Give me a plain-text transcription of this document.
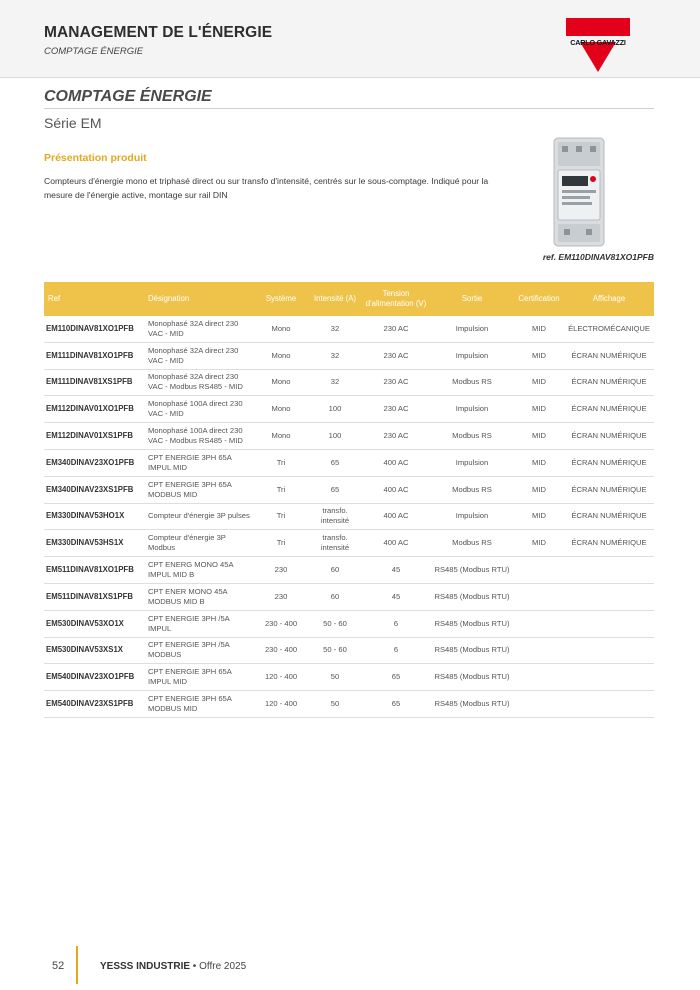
MANAGEMENT DE L'ÉNERGIE
COMPTAGE ÉNERGIE
CARLO GAVAZZI
COMPTAGE ÉNERGIE
Série EM
Présentation produit
Compteurs d'énergie mono et triphasé direct ou sur transfo d'intensité, centrés sur le sous-comptage. Indiqué pour la mesure de l'énergie active, montage sur rail DIN
ref. EM110DINAV81XO1PFB
Ref	Désignation	Système	Intensité (A)	Tension d'alimentation (V)	Sortie	Certification	Affichage
EM110DINAV81XO1PFB	Monophasé 32A direct 230 VAC - MID	Mono	32	230 AC	Impulsion	MID	ÉLECTROMÉCANIQUE
EM111DINAV81XO1PFB	Monophasé 32A direct 230 VAC - MID	Mono	32	230 AC	Impulsion	MID	ÉCRAN NUMÉRIQUE
EM111DINAV81XS1PFB	Monophasé 32A direct 230 VAC - Modbus RS485 - MID	Mono	32	230 AC	Modbus RS	MID	ÉCRAN NUMÉRIQUE
EM112DINAV01XO1PFB	Monophasé 100A direct 230 VAC - MID	Mono	100	230 AC	Impulsion	MID	ÉCRAN NUMÉRIQUE
EM112DINAV01XS1PFB	Monophasé 100A direct 230 VAC - Modbus RS485 - MID	Mono	100	230 AC	Modbus RS	MID	ÉCRAN NUMÉRIQUE
EM340DINAV23XO1PFB	CPT ENERGIE 3PH 65A IMPUL MID	Tri	65	400 AC	Impulsion	MID	ÉCRAN NUMÉRIQUE
EM340DINAV23XS1PFB	CPT ENERGIE 3PH 65A MODBUS MID	Tri	65	400 AC	Modbus RS	MID	ÉCRAN NUMÉRIQUE
EM330DINAV53HO1X	Compteur d'énergie 3P pulses	Tri	transfo. intensité	400 AC	Impulsion	MID	ÉCRAN NUMÉRIQUE
EM330DINAV53HS1X	Compteur d'énergie 3P Modbus	Tri	transfo. intensité	400 AC	Modbus RS	MID	ÉCRAN NUMÉRIQUE
EM511DINAV81XO1PFB	CPT ENERG MONO 45A IMPUL MID B	230	60	45	RS485 (Modbus RTU)		
EM511DINAV81XS1PFB	CPT ENER MONO 45A MODBUS MID B	230	60	45	RS485 (Modbus RTU)		
EM530DINAV53XO1X	CPT ENERGIE 3PH /5A IMPUL	230 - 400	50 - 60	6	RS485 (Modbus RTU)		
EM530DINAV53XS1X	CPT ENERGIE 3PH /5A MODBUS	230 - 400	50 - 60	6	RS485 (Modbus RTU)		
EM540DINAV23XO1PFB	CPT ENERGIE 3PH 65A IMPUL MID	120 - 400	50	65	RS485 (Modbus RTU)		
EM540DINAV23XS1PFB	CPT ENERGIE 3PH 65A MODBUS MID	120 - 400	50	65	RS485 (Modbus RTU)		
52	YESSS INDUSTRIE • Offre 2025
